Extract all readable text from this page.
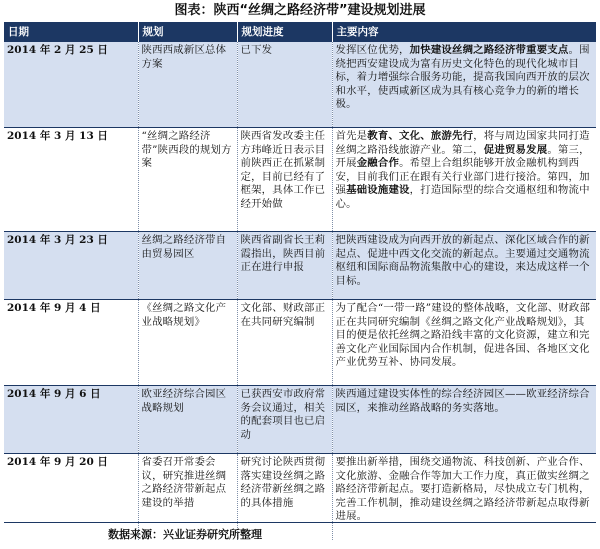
图表：陕西“丝绸之路经济带”建设规划进展
日期	规划	规划进度	主要内容
2014 年 2 月 25 日	陕西西咸新区总体方案	已下发	发挥区位优势，加快建设丝绸之路经济带重要支点。围绕把西安建设成为富有历史文化特色的现代化城市目标，着力增强综合服务功能，提高我国向西开放的层次和水平，使西咸新区成为具有核心竞争力的新的增长极。
2014 年 3 月 13 日	“丝绸之路经济带”陕西段的规划方案	陕西省发改委主任方玮峰近日表示目前陕西正在抓紧制定，目前已经有了框架，具体工作已经开始做	首先是教育、文化、旅游先行，将与周边国家共同打造丝绸之路沿线旅游产业。第二，促进贸易发展。第三，开展金融合作。希望上合组织能够开放金融机构到西安，目前我们正在跟有关行业部门进行接洽。第四，加强基础设施建设，打造国际型的综合交通枢纽和物流中心。
2014 年 3 月 23 日	丝绸之路经济带自由贸易园区	陕西省副省长王莉霞指出，陕西目前正在进行申报	把陕西建设成为向西开放的新起点、深化区域合作的新起点、促进中西文化交流的新起点。主要通过交通物流枢纽和国际商品物流集散中心的建设，来达成这样一个目标。
2014 年 9 月 4 日	《丝绸之路文化产业战略规划》	文化部、财政部正在共同研究编制	为了配合“一带一路”建设的整体战略，文化部、财政部正在共同研究编制《丝绸之路文化产业战略规划》，其目的便是依托丝绸之路沿线丰富的文化资源，建立和完善文化产业国际国内合作机制，促进各国、各地区文化产业优势互补、协同发展。
2014 年 9 月 6 日	欧亚经济综合园区战略规划	已获西安市政府常务会议通过，相关的配套项目也已启动	陕西通过建设实体性的综合经济园区——欧亚经济综合园区，来推动丝路战略的务实落地。
2014 年 9 月 20 日	省委召开常委会议，研究推进丝绸之路经济带新起点建设的举措	研究讨论陕西贯彻落实建设丝绸之路经济带新丝绸之路的具体措施	要推出新举措，围绕交通物流、科技创新、产业合作、文化旅游、金融合作等加大工作力度，真正做实丝绸之路经济带新起点。要打造新格局，尽快成立专门机构，完善工作机制，推动建设丝绸之路经济带新起点取得新进展。
数据来源：兴业证券研究所整理
